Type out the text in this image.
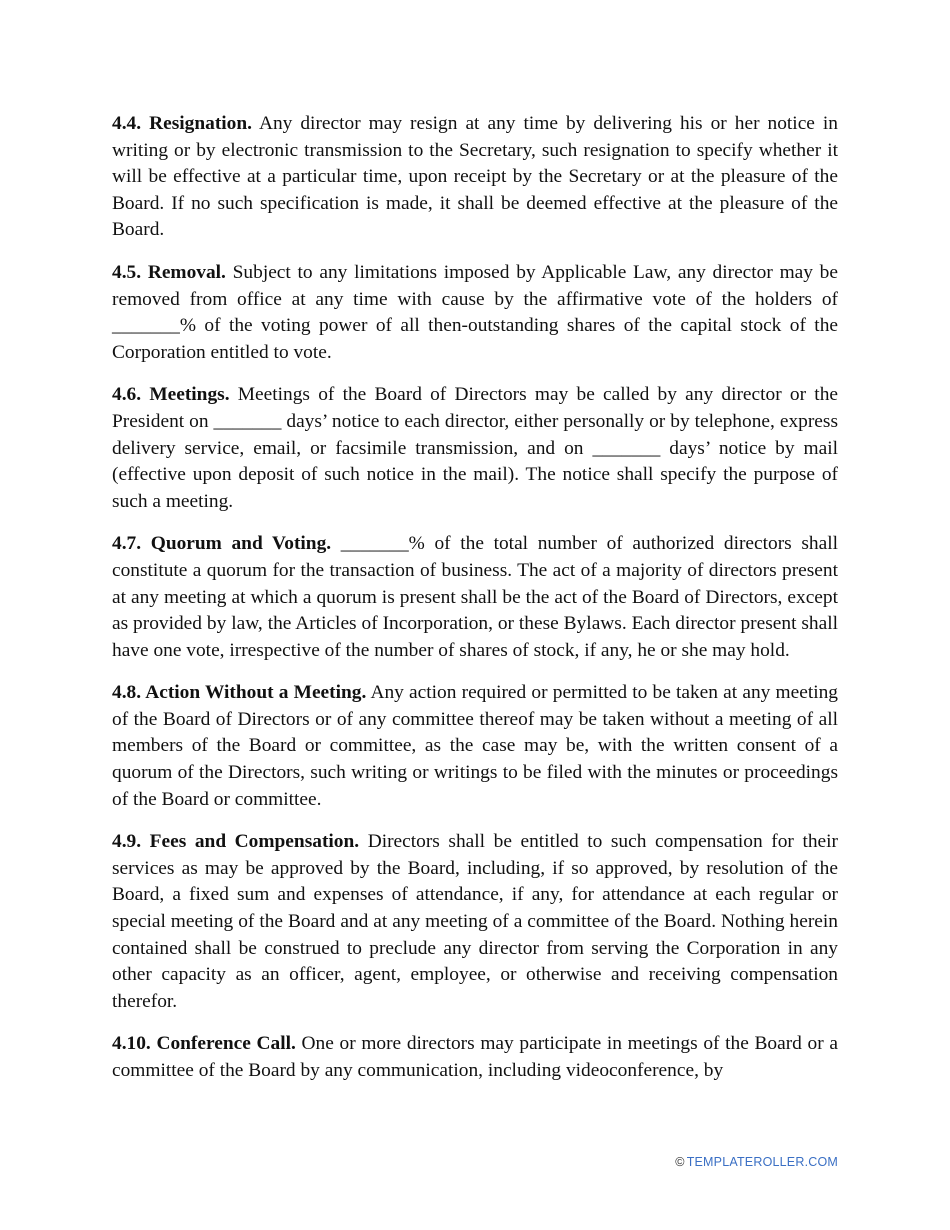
4.4. Resignation. Any director may resign at any time by delivering his or her notice in writing or by electronic transmission to the Secretary, such resignation to specify whether it will be effective at a particular time, upon receipt by the Secretary or at the pleasure of the Board. If no such specification is made, it shall be deemed effective at the pleasure of the Board.

4.5. Removal. Subject to any limitations imposed by Applicable Law, any director may be removed from office at any time with cause by the affirmative vote of the holders of _______% of the voting power of all then-outstanding shares of the capital stock of the Corporation entitled to vote.

4.6. Meetings. Meetings of the Board of Directors may be called by any director or the President on _______ days’ notice to each director, either personally or by telephone, express delivery service, email, or facsimile transmission, and on _______ days’ notice by mail (effective upon deposit of such notice in the mail). The notice shall specify the purpose of such a meeting.

4.7. Quorum and Voting. _______% of the total number of authorized directors shall constitute a quorum for the transaction of business. The act of a majority of directors present at any meeting at which a quorum is present shall be the act of the Board of Directors, except as provided by law, the Articles of Incorporation, or these Bylaws. Each director present shall have one vote, irrespective of the number of shares of stock, if any, he or she may hold.

4.8. Action Without a Meeting. Any action required or permitted to be taken at any meeting of the Board of Directors or of any committee thereof may be taken without a meeting of all members of the Board or committee, as the case may be, with the written consent of a quorum of the Directors, such writing or writings to be filed with the minutes or proceedings of the Board or committee.

4.9. Fees and Compensation. Directors shall be entitled to such compensation for their services as may be approved by the Board, including, if so approved, by resolution of the Board, a fixed sum and expenses of attendance, if any, for attendance at each regular or special meeting of the Board and at any meeting of a committee of the Board. Nothing herein contained shall be construed to preclude any director from serving the Corporation in any other capacity as an officer, agent, employee, or otherwise and receiving compensation therefor.

4.10. Conference Call. One or more directors may participate in meetings of the Board or a committee of the Board by any communication, including videoconference, by

© TEMPLATEROLLER.COM
